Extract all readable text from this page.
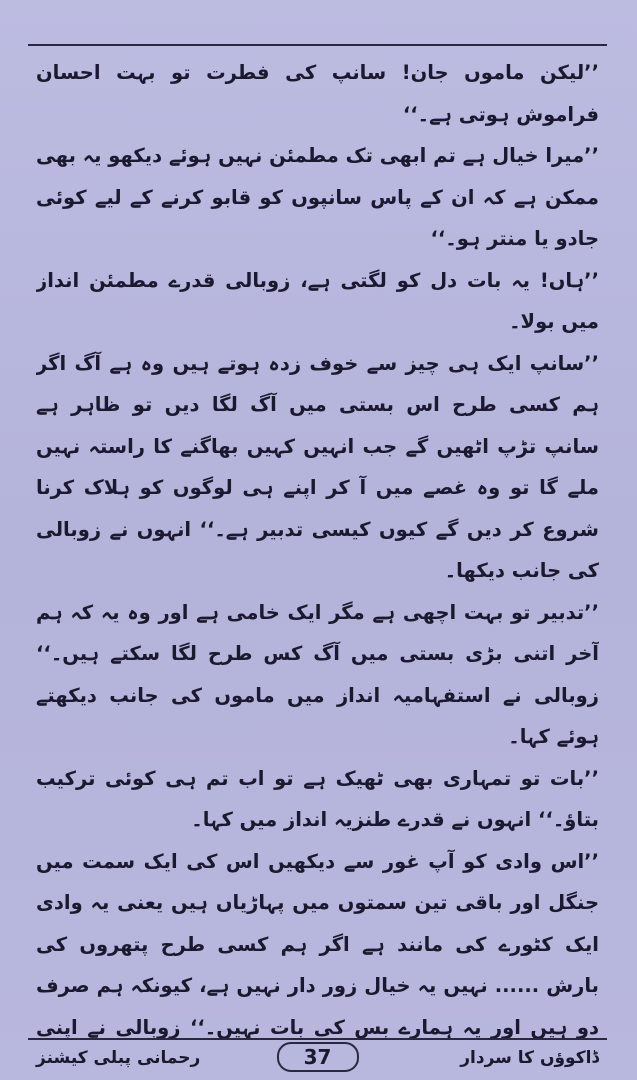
’’لیکن ماموں جان! سانپ کی فطرت تو بہت احسان فراموش ہوتی ہے۔‘‘

’’میرا خیال ہے تم ابھی تک مطمئن نہیں ہوئے دیکھو یہ بھی ممکن ہے کہ ان کے پاس سانپوں کو قابو کرنے کے لیے کوئی جادو یا منتر ہو۔‘‘

’’ہاں! یہ بات دل کو لگتی ہے، زوبالی قدرے مطمئن انداز میں بولا۔

’’سانپ ایک ہی چیز سے خوف زدہ ہوتے ہیں وہ ہے آگ اگر ہم کسی طرح اس بستی میں آگ لگا دیں تو ظاہر ہے سانپ تڑپ اٹھیں گے جب انہیں کہیں بھاگنے کا راستہ نہیں ملے گا تو وہ غصے میں آ کر اپنے ہی لوگوں کو ہلاک کرنا شروع کر دیں گے کیوں کیسی تدبیر ہے۔‘‘ انہوں نے زوبالی کی جانب دیکھا۔

’’تدبیر تو بہت اچھی ہے مگر ایک خامی ہے اور وہ یہ کہ ہم آخر اتنی بڑی بستی میں آگ کس طرح لگا سکتے ہیں۔‘‘ زوبالی نے استفہامیہ انداز میں ماموں کی جانب دیکھتے ہوئے کہا۔

’’بات تو تمہاری بھی ٹھیک ہے تو اب تم ہی کوئی ترکیب بتاؤ۔‘‘ انہوں نے قدرے طنزیہ انداز میں کہا۔

’’اس وادی کو آپ غور سے دیکھیں اس کی ایک سمت میں جنگل اور باقی تین سمتوں میں پہاڑیاں ہیں یعنی یہ وادی ایک کٹورے کی مانند ہے اگر ہم کسی طرح پتھروں کی بارش ...... نہیں یہ خیال زور دار نہیں ہے، کیونکہ ہم صرف دو ہیں اور یہ ہمارے بس کی بات نہیں۔‘‘ زوبالی نے اپنی

رحمانی پبلی کیشنز	37	ڈاکوؤں کا سردار
